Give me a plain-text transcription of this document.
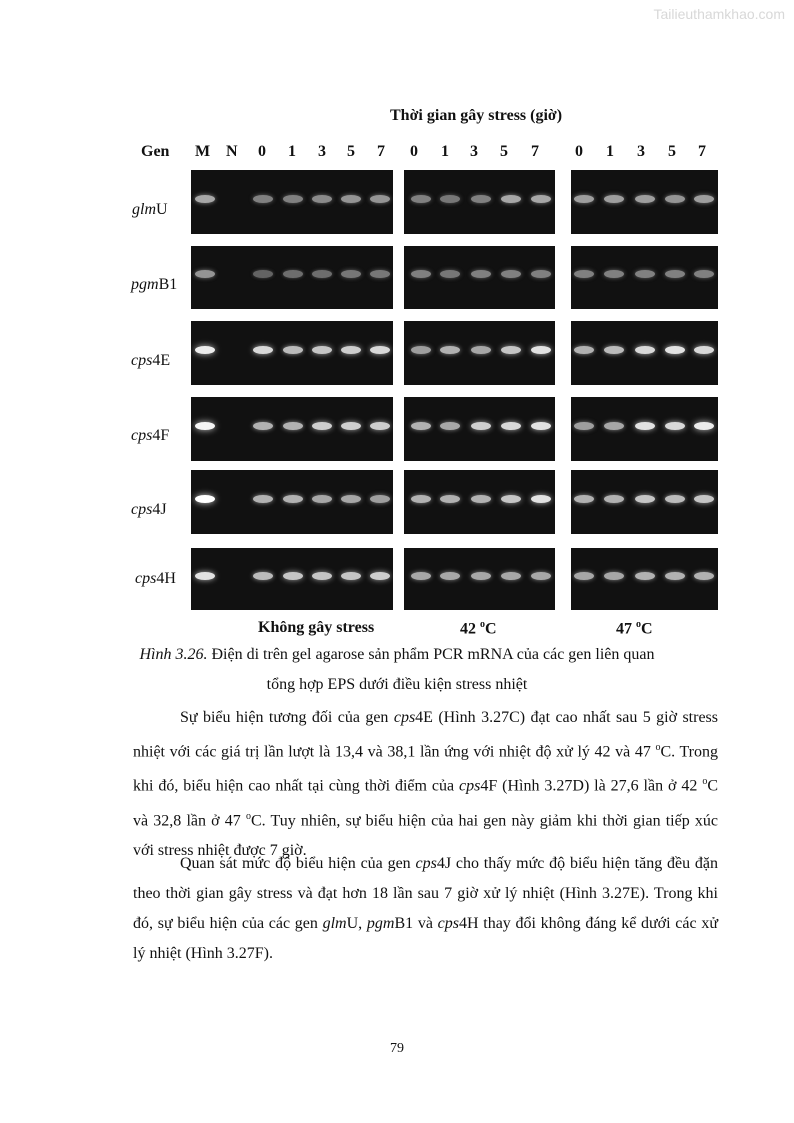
Tailieuthamkhao.com
Thời gian gây stress (giờ)
Gen M N 0 1 3 5 7 0 1 3 5 7 0 1 3 5 7
glmU
pgmB1
cps4E
cps4F
cps4J
cps4H
Không gây stress	42 $^o$C	47 $^o$C
Hình 3.26. Điện di trên gel agarose sản phẩm PCR mRNA của các gen liên quan
tổng hợp EPS dưới điều kiện stress nhiệt
Sự biểu hiện tương đối của gen cps4E (Hình 3.27C) đạt cao nhất sau 5 giờ stress nhiệt với các giá trị lần lượt là 13,4 và 38,1 lần ứng với nhiệt độ xử lý 42 và 47 $^o$C. Trong khi đó, biểu hiện cao nhất tại cùng thời điểm của cps4F (Hình 3.27D) là 27,6 lần ở 42 $^o$C và 32,8 lần ở 47 $^o$C. Tuy nhiên, sự biểu hiện của hai gen này giảm khi thời gian tiếp xúc với stress nhiệt được 7 giờ.
Quan sát mức độ biểu hiện của gen cps4J cho thấy mức độ biểu hiện tăng đều đặn theo thời gian gây stress và đạt hơn 18 lần sau 7 giờ xử lý nhiệt (Hình 3.27E). Trong khi đó, sự biểu hiện của các gen glmU, pgmB1 và cps4H thay đổi không đáng kể dưới các xử lý nhiệt (Hình 3.27F).
79
